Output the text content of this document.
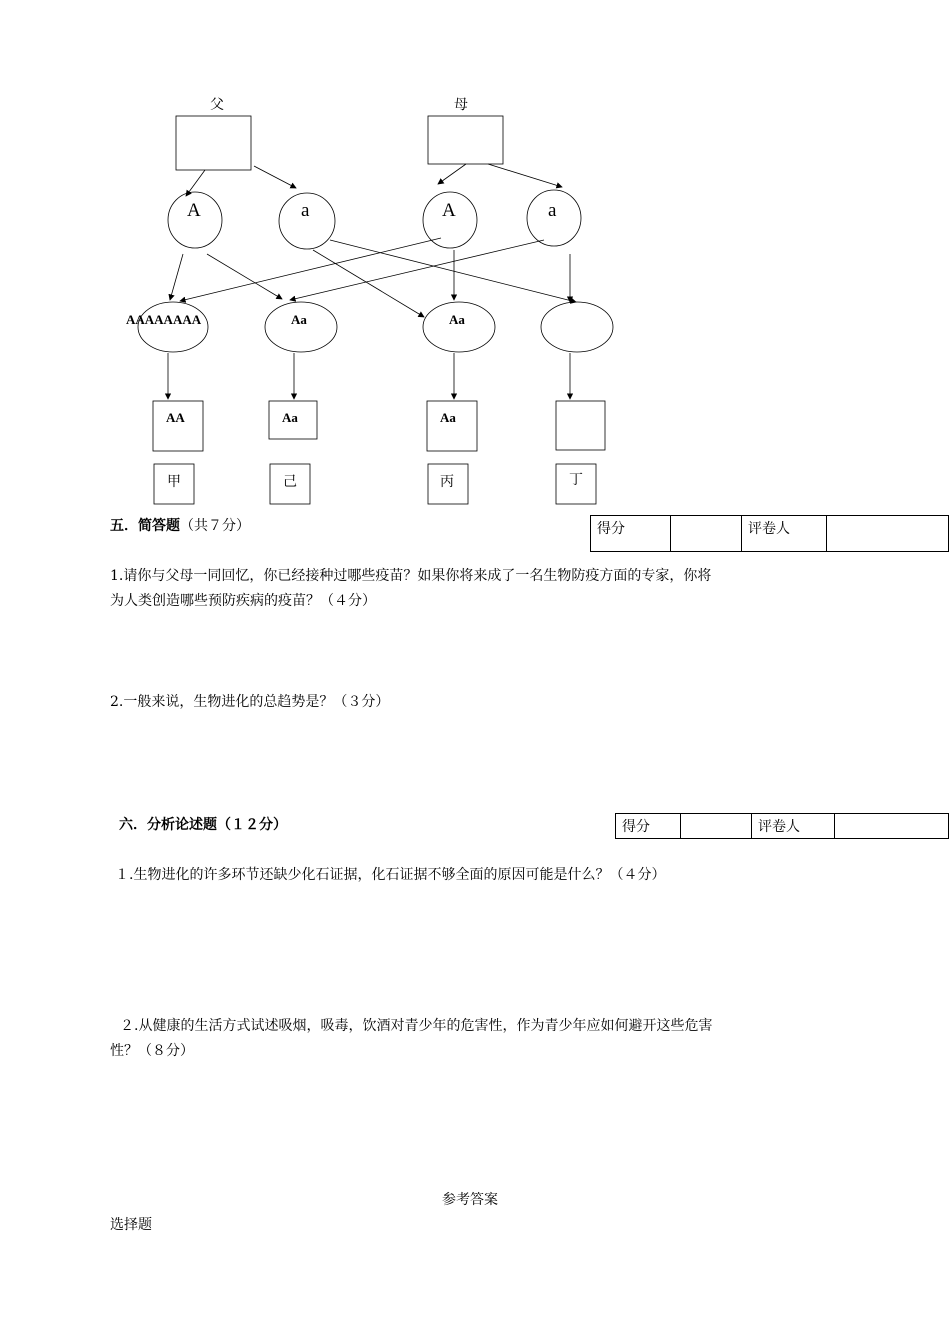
父	母
A	a	A	a
AAAAAAAA	Aa	Aa
AA	Aa	Aa
甲	己	丙	丁
五．简答题（共７分）	得分		评卷人	
1.请你与父母一同回忆，你已经接种过哪些疫苗？如果你将来成了一名生物防疫方面的专家，你将
为人类创造哪些预防疾病的疫苗？（４分）
2.一般来说，生物进化的总趋势是？（３分）
六．分析论述题（１２分）	得分		评卷人	
１.生物进化的许多环节还缺少化石证据，化石证据不够全面的原因可能是什么？（４分）
２.从健康的生活方式试述吸烟，吸毒，饮酒对青少年的危害性，作为青少年应如何避开这些危害
性？（８分）
参考答案
选择题
